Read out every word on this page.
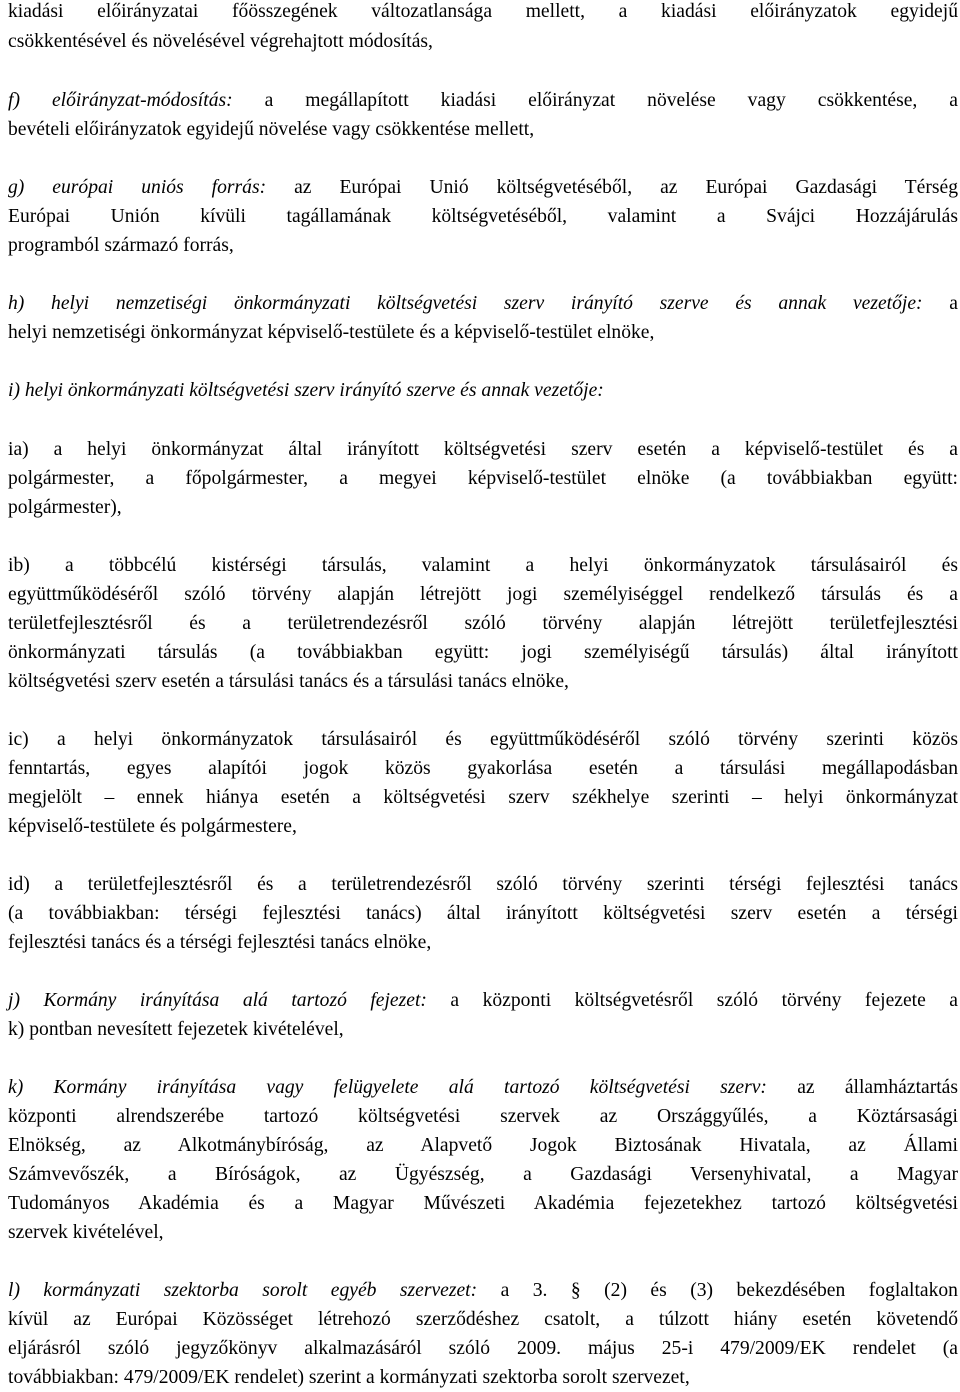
kiadási előirányzatai főösszegének változatlansága mellett, a kiadási előirányzatok egyidejű
csökkentésével és növelésével végrehajtott módosítás,
f) előirányzat-módosítás: a megállapított kiadási előirányzat növelése vagy csökkentése, a
bevételi előirányzatok egyidejű növelése vagy csökkentése mellett,
g) európai uniós forrás: az Európai Unió költségvetéséből, az Európai Gazdasági Térség
Európai Unión kívüli tagállamának költségvetéséből, valamint a Svájci Hozzájárulás
programból származó forrás,
h) helyi nemzetiségi önkormányzati költségvetési szerv irányító szerve és annak vezetője: a
helyi nemzetiségi önkormányzat képviselő-testülete és a képviselő-testület elnöke,
i) helyi önkormányzati költségvetési szerv irányító szerve és annak vezetője:
ia) a helyi önkormányzat által irányított költségvetési szerv esetén a képviselő-testület és a
polgármester, a főpolgármester, a megyei képviselő-testület elnöke (a továbbiakban együtt:
polgármester),
ib) a többcélú kistérségi társulás, valamint a helyi önkormányzatok társulásairól és
együttműködéséről szóló törvény alapján létrejött jogi személyiséggel rendelkező társulás és a
területfejlesztésről és a területrendezésről szóló törvény alapján létrejött területfejlesztési
önkormányzati társulás (a továbbiakban együtt: jogi személyiségű társulás) által irányított
költségvetési szerv esetén a társulási tanács és a társulási tanács elnöke,
ic) a helyi önkormányzatok társulásairól és együttműködéséről szóló törvény szerinti közös
fenntartás, egyes alapítói jogok közös gyakorlása esetén a társulási megállapodásban
megjelölt – ennek hiánya esetén a költségvetési szerv székhelye szerinti – helyi önkormányzat
képviselő-testülete és polgármestere,
id) a területfejlesztésről és a területrendezésről szóló törvény szerinti térségi fejlesztési tanács
(a továbbiakban: térségi fejlesztési tanács) által irányított költségvetési szerv esetén a térségi
fejlesztési tanács és a térségi fejlesztési tanács elnöke,
j) Kormány irányítása alá tartozó fejezet: a központi költségvetésről szóló törvény fejezete a
k) pontban nevesített fejezetek kivételével,
k) Kormány irányítása vagy felügyelete alá tartozó költségvetési szerv: az államháztartás
központi alrendszerébe tartozó költségvetési szervek az Országgyűlés, a Köztársasági
Elnökség, az Alkotmánybíróság, az Alapvető Jogok Biztosának Hivatala, az Állami
Számvevőszék, a Bíróságok, az Ügyészség, a Gazdasági Versenyhivatal, a Magyar
Tudományos Akadémia és a Magyar Művészeti Akadémia fejezetekhez tartozó költségvetési
szervek kivételével,
l) kormányzati szektorba sorolt egyéb szervezet: a 3. § (2) és (3) bekezdésében foglaltakon
kívül az Európai Közösséget létrehozó szerződéshez csatolt, a túlzott hiány esetén követendő
eljárásról szóló jegyzőkönyv alkalmazásáról szóló 2009. május 25-i 479/2009/EK rendelet (a
továbbiakban: 479/2009/EK rendelet) szerint a kormányzati szektorba sorolt szervezet,
